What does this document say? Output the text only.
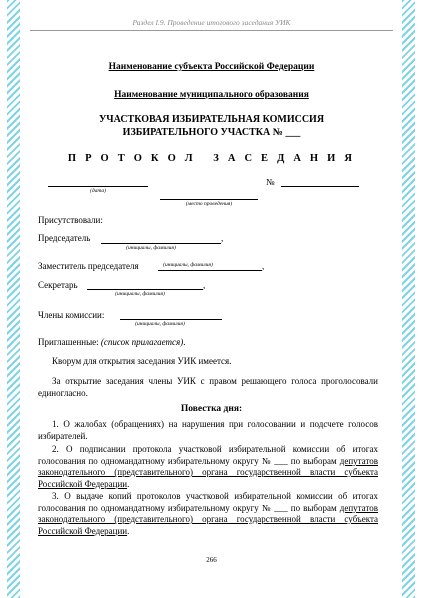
Раздел I.9. Проведение итогового заседания УИК
Наименование субъекта Российской Федерации
Наименование муниципального образования
УЧАСТКОВАЯ ИЗБИРАТЕЛЬНАЯ КОМИССИЯ
ИЗБИРАТЕЛЬНОГО УЧАСТКА № ___
П Р О Т О К О Л   З А С Е Д А Н И Я
(дата)
№
(место проведения)
Присутствовали:
Председатель	,
(инициалы, фамилия)
Заместитель председателя	,
(инициалы, фамилия)
Секретарь	,
(инициалы, фамилия)
Члены комиссии:
(инициалы, фамилия)
Приглашенные: (список прилагается).
Кворум для открытия заседания УИК имеется.
За открытие заседания члены УИК с правом решающего голоса проголосовали единогласно.
Повестка дня:
1. О жалобах (обращениях) на нарушения при голосовании и подсчете голосов избирателей.
2. О подписании протокола участковой избирательной комиссии об итогах голосования по одномандатному избирательному округу № ___ по выборам депутатов законодательного (представительного) органа государственной власти субъекта Российской Федерации.
3. О выдаче копий протоколов участковой избирательной комиссии об итогах голосования по одномандатному избирательному округу № ___ по выборам депутатов законодательного (представительного) органа государственной власти субъекта Российской Федерации.
266
